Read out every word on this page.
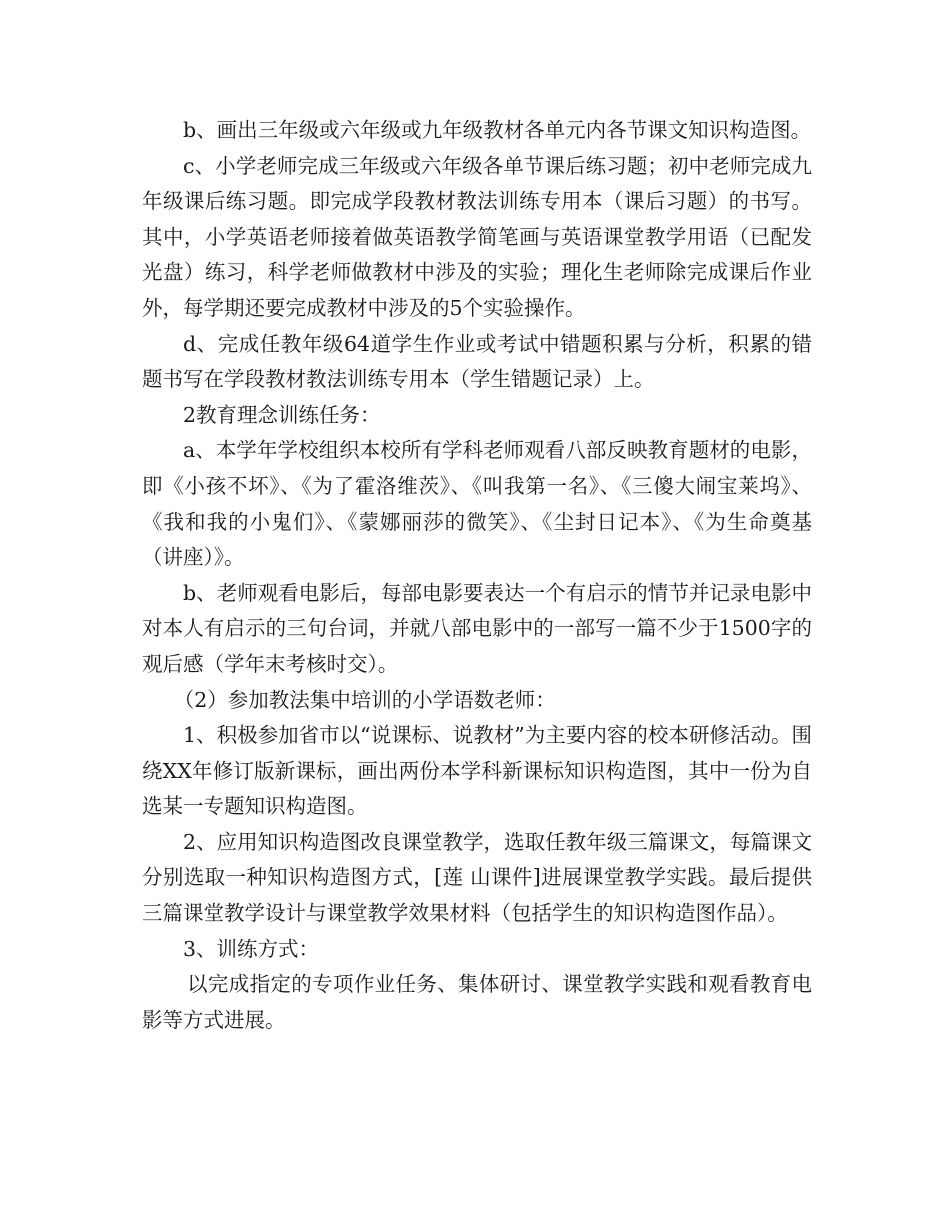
b、画出三年级或六年级或九年级教材各单元内各节课文知识构造图。

c、小学老师完成三年级或六年级各单节课后练习题；初中老师完成九年级课后练习题。即完成学段教材教法训练专用本（课后习题）的书写。其中，小学英语老师接着做英语教学简笔画与英语课堂教学用语（已配发光盘）练习，科学老师做教材中涉及的实验；理化生老师除完成课后作业外，每学期还要完成教材中涉及的5个实验操作。

d、完成任教年级64道学生作业或考试中错题积累与分析，积累的错题书写在学段教材教法训练专用本（学生错题记录）上。

2教育理念训练任务：

a、本学年学校组织本校所有学科老师观看八部反映教育题材的电影，即《小孩不坏》、《为了霍洛维茨》、《叫我第一名》、《三傻大闹宝莱坞》、《我和我的小鬼们》、《蒙娜丽莎的微笑》、《尘封日记本》、《为生命奠基（讲座）》。

b、老师观看电影后，每部电影要表达一个有启示的情节并记录电影中对本人有启示的三句台词，并就八部电影中的一部写一篇不少于1500字的观后感（学年末考核时交）。

（2）参加教法集中培训的小学语数老师：

1、积极参加省市以“说课标、说教材”为主要内容的校本研修活动。围绕XX年修订版新课标，画出两份本学科新课标知识构造图，其中一份为自选某一专题知识构造图。

2、应用知识构造图改良课堂教学，选取任教年级三篇课文，每篇课文分别选取一种知识构造图方式，[莲 山课件]进展课堂教学实践。最后提供三篇课堂教学设计与课堂教学效果材料（包括学生的知识构造图作品）。

3、训练方式：

以完成指定的专项作业任务、集体研讨、课堂教学实践和观看教育电影等方式进展。
